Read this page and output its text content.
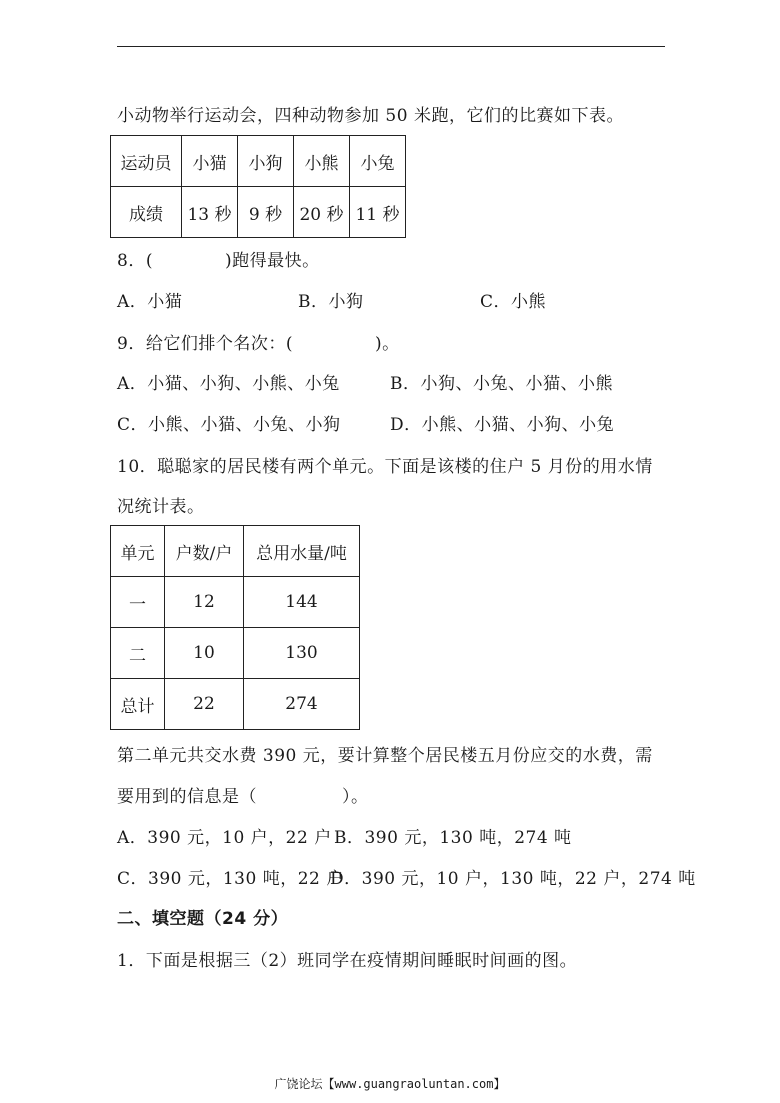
小动物举行运动会，四种动物参加 50 米跑，它们的比赛如下表。
运动员	小猫	小狗	小熊	小兔
成绩	13 秒	9 秒	20 秒	11 秒
8．(	)跑得最快。
A．小猫	B．小狗	C．小熊
9．给它们排个名次：(	)。
A．小猫、小狗、小熊、小兔	B．小狗、小兔、小猫、小熊
C．小熊、小猫、小兔、小狗	D．小熊、小猫、小狗、小兔
10．聪聪家的居民楼有两个单元。下面是该楼的住户 5 月份的用水情
况统计表。
单元	户数/户	总用水量/吨
一	12	144
二	10	130
总计	22	274
第二单元共交水费 390 元，要计算整个居民楼五月份应交的水费，需
要用到的信息是（	）。
A．390 元，10 户，22 户 B．390 元，130 吨，274 吨
C．390 元，130 吨，22 户
D．390 元，10 户，130 吨，22 户，274 吨
二、填空题（24 分）
1．下面是根据三（2）班同学在疫情期间睡眠时间画的图。
广饶论坛【www.guangraoluntan.com】
